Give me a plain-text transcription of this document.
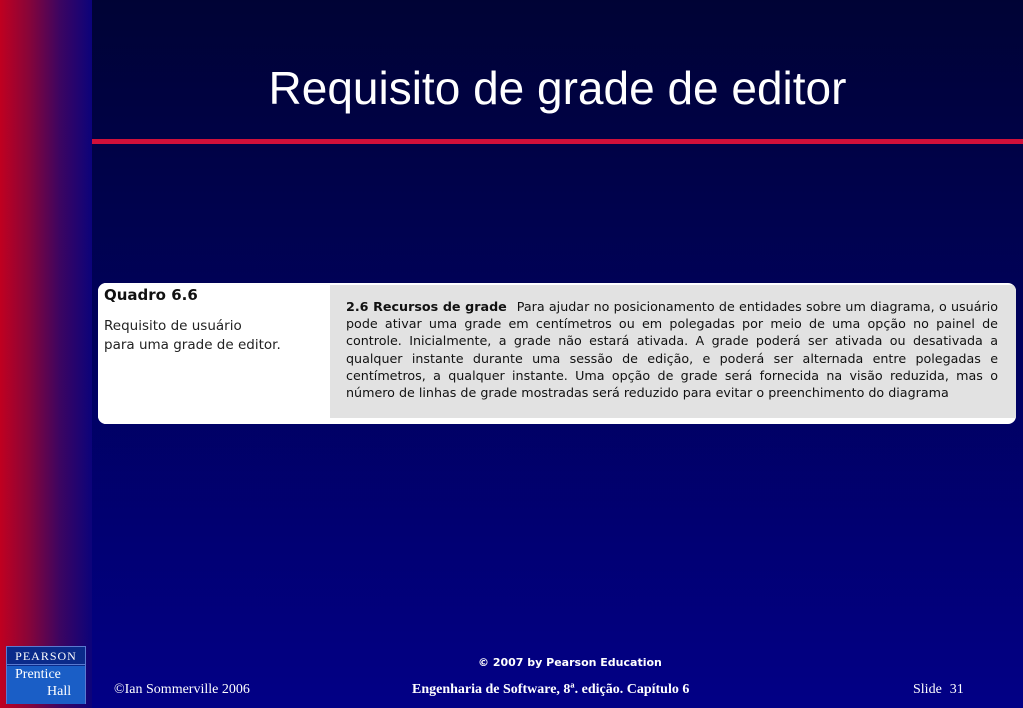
Requisito de grade de editor
Quadro 6.6
Requisito de usuário
para uma grade de editor.
2.6 Recursos de grade Para ajudar no posicionamento de entidades sobre um diagrama, o usuário pode ativar uma grade em centímetros ou em polegadas por meio de uma opção no painel de controle. Inicialmente, a grade não estará ativada. A grade poderá ser ativada ou desativada a qualquer instante durante uma sessão de edição, e poderá ser alternada entre polegadas e centímetros, a qualquer instante. Uma opção de grade será fornecida na visão reduzida, mas o número de linhas de grade mostradas será reduzido para evitar o preenchimento do diagrama
PEARSON
Prentice
Hall
© 2007 by Pearson Education
©Ian Sommerville 2006	Engenharia de Software, 8ª. edição. Capítulo 6	Slide 31
